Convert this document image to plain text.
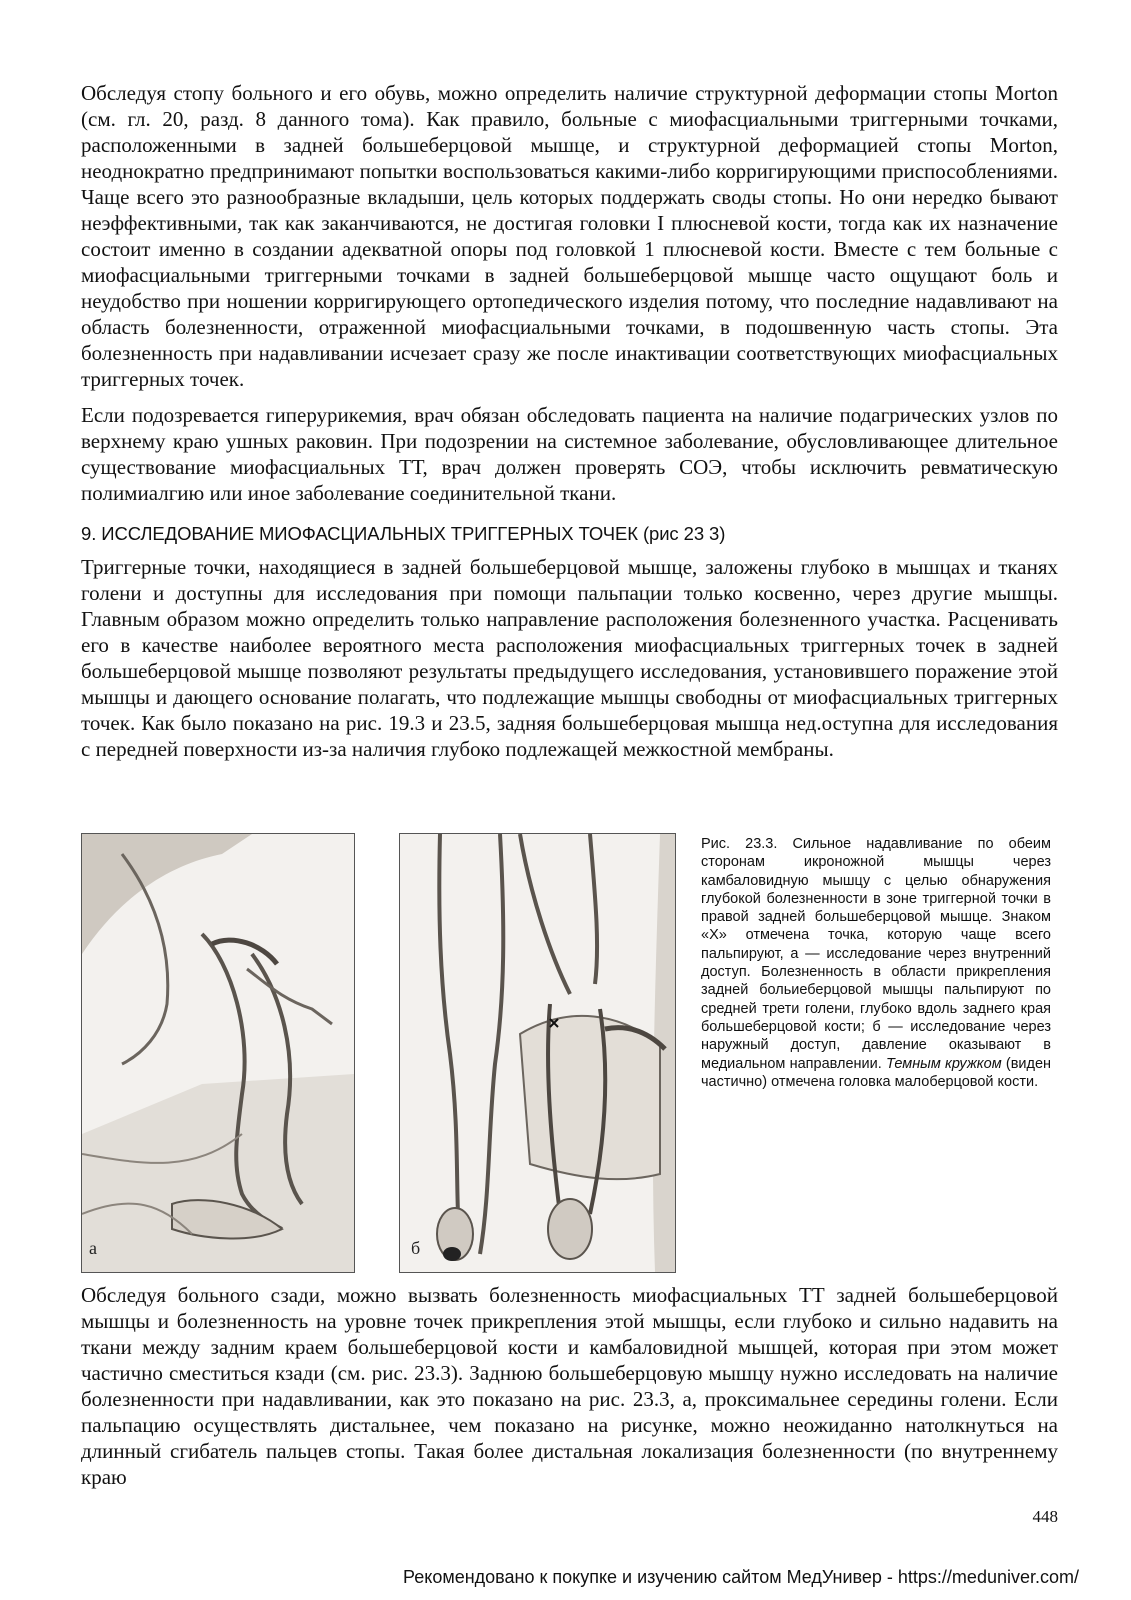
Обследуя стопу больного и его обувь, можно определить наличие структурной деформации стопы Morton (см. гл. 20, разд. 8 данного тома). Как правило, больные с миофасциальными триггерными точками, расположенными в задней большеберцовой мышце, и структурной деформацией стопы Morton, неоднократно предпринимают попытки воспользоваться какими-либо корригирующими приспособлениями. Чаще всего это разнообразные вкладыши, цель которых поддержать своды стопы. Но они нередко бывают неэффективными, так как заканчиваются, не достигая головки I плюсневой кости, тогда как их назначение состоит именно в создании адекватной опоры под головкой 1 плюсневой кости. Вместе с тем больные с миофасциальными триггерными точками в задней большеберцовой мышце часто ощущают боль и неудобство при ношении корригирующего ортопедического изделия потому, что последние надавливают на область болезненности, отраженной миофасциальными точками, в подошвенную часть стопы. Эта болезненность при надавливании исчезает сразу же после инактивации соответствующих миофасциальных триггерных точек.

Если подозревается гиперурикемия, врач обязан обследовать пациента на наличие подагрических узлов по верхнему краю ушных раковин. При подозрении на системное заболевание, обусловливающее длительное существование миофасциальных ТТ, врач должен проверять СОЭ, чтобы исключить ревматическую полимиалгию или иное заболевание соединительной ткани.

9. ИССЛЕДОВАНИЕ МИОФАСЦИАЛЬНЫХ ТРИГГЕРНЫХ ТОЧЕК (рис 23 3)

Триггерные точки, находящиеся в задней большеберцовой мышце, заложены глубоко в мышцах и тканях голени и доступны для исследования при помощи пальпации только косвенно, через другие мышцы. Главным образом можно определить только направление расположения болезненного участка. Расценивать его в качестве наиболее вероятного места расположения миофасциальных триггерных точек в задней большеберцовой мышце позволяют результаты предыдущего исследования, установившего поражение этой мышцы и дающего основание полагать, что подлежащие мышцы свободны от миофасциальных триггерных точек. Как было показано на рис. 19.3 и 23.5, задняя большеберцовая мышца нед.оступна для исследования с передней поверхности из-за наличия глубоко подлежащей межкостной мембраны.

а	б
Рис. 23.3. Сильное надавливание по обеим сторонам икроножной мышцы через камбаловидную мышцу с целью обнаружения глубокой болезненности в зоне триггерной точки в правой задней большеберцовой мышце. Знаком «X» отмечена точка, которую чаще всего пальпируют, а — исследование через внутренний доступ. Болезненность в области прикрепления задней больиеберцовой мышцы пальпируют по средней трети голени, глубоко вдоль заднего края большеберцовой кости; б — исследование через наружный доступ, давление оказывают в медиальном направлении. Темным кружком (виден частично) отмечена головка малоберцовой кости.

Обследуя больного сзади, можно вызвать болезненность миофасциальных ТТ задней большеберцовой мышцы и болезненность на уровне точек прикрепления этой мышцы, если глубоко и сильно надавить на ткани между задним краем большеберцовой кости и камбаловидной мышцей, которая при этом может частично сместиться кзади (см. рис. 23.3). Заднюю большеберцовую мышцу нужно исследовать на наличие болезненности при надавливании, как это показано на рис. 23.3, а, проксимальнее середины голени. Если пальпацию осуществлять дистальнее, чем показано на рисунке, можно неожиданно натолкнуться на длинный сгибатель пальцев стопы. Такая более дистальная локализация болезненности (по внутреннему краю

448
Рекомендовано к покупке и изучению сайтом МедУнивер - https://meduniver.com/
